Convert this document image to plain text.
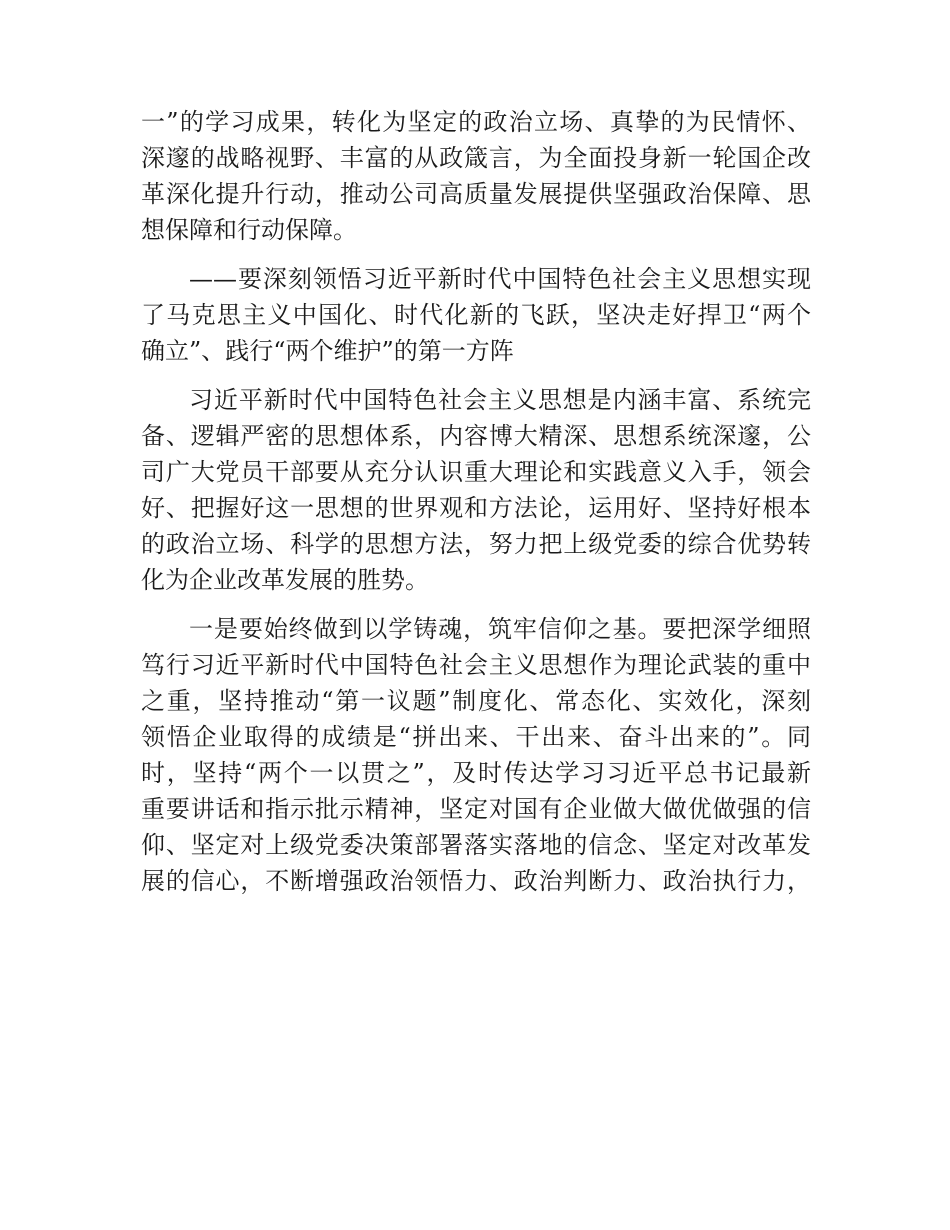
一”的学习成果，转化为坚定的政治立场、真挚的为民情怀、
深邃的战略视野、丰富的从政箴言，为全面投身新一轮国企改
革深化提升行动，推动公司高质量发展提供坚强政治保障、思
想保障和行动保障。
——要深刻领悟习近平新时代中国特色社会主义思想实现
了马克思主义中国化、时代化新的飞跃，坚决走好捍卫“两个
确立”、践行“两个维护”的第一方阵
习近平新时代中国特色社会主义思想是内涵丰富、系统完
备、逻辑严密的思想体系，内容博大精深、思想系统深邃，公
司广大党员干部要从充分认识重大理论和实践意义入手，领会
好、把握好这一思想的世界观和方法论，运用好、坚持好根本
的政治立场、科学的思想方法，努力把上级党委的综合优势转
化为企业改革发展的胜势。
一是要始终做到以学铸魂，筑牢信仰之基。要把深学细照
笃行习近平新时代中国特色社会主义思想作为理论武装的重中
之重，坚持推动“第一议题”制度化、常态化、实效化，深刻
领悟企业取得的成绩是“拼出来、干出来、奋斗出来的”。同
时，坚持“两个一以贯之”，及时传达学习习近平总书记最新
重要讲话和指示批示精神，坚定对国有企业做大做优做强的信
仰、坚定对上级党委决策部署落实落地的信念、坚定对改革发
展的信心，不断增强政治领悟力、政治判断力、政治执行力，
